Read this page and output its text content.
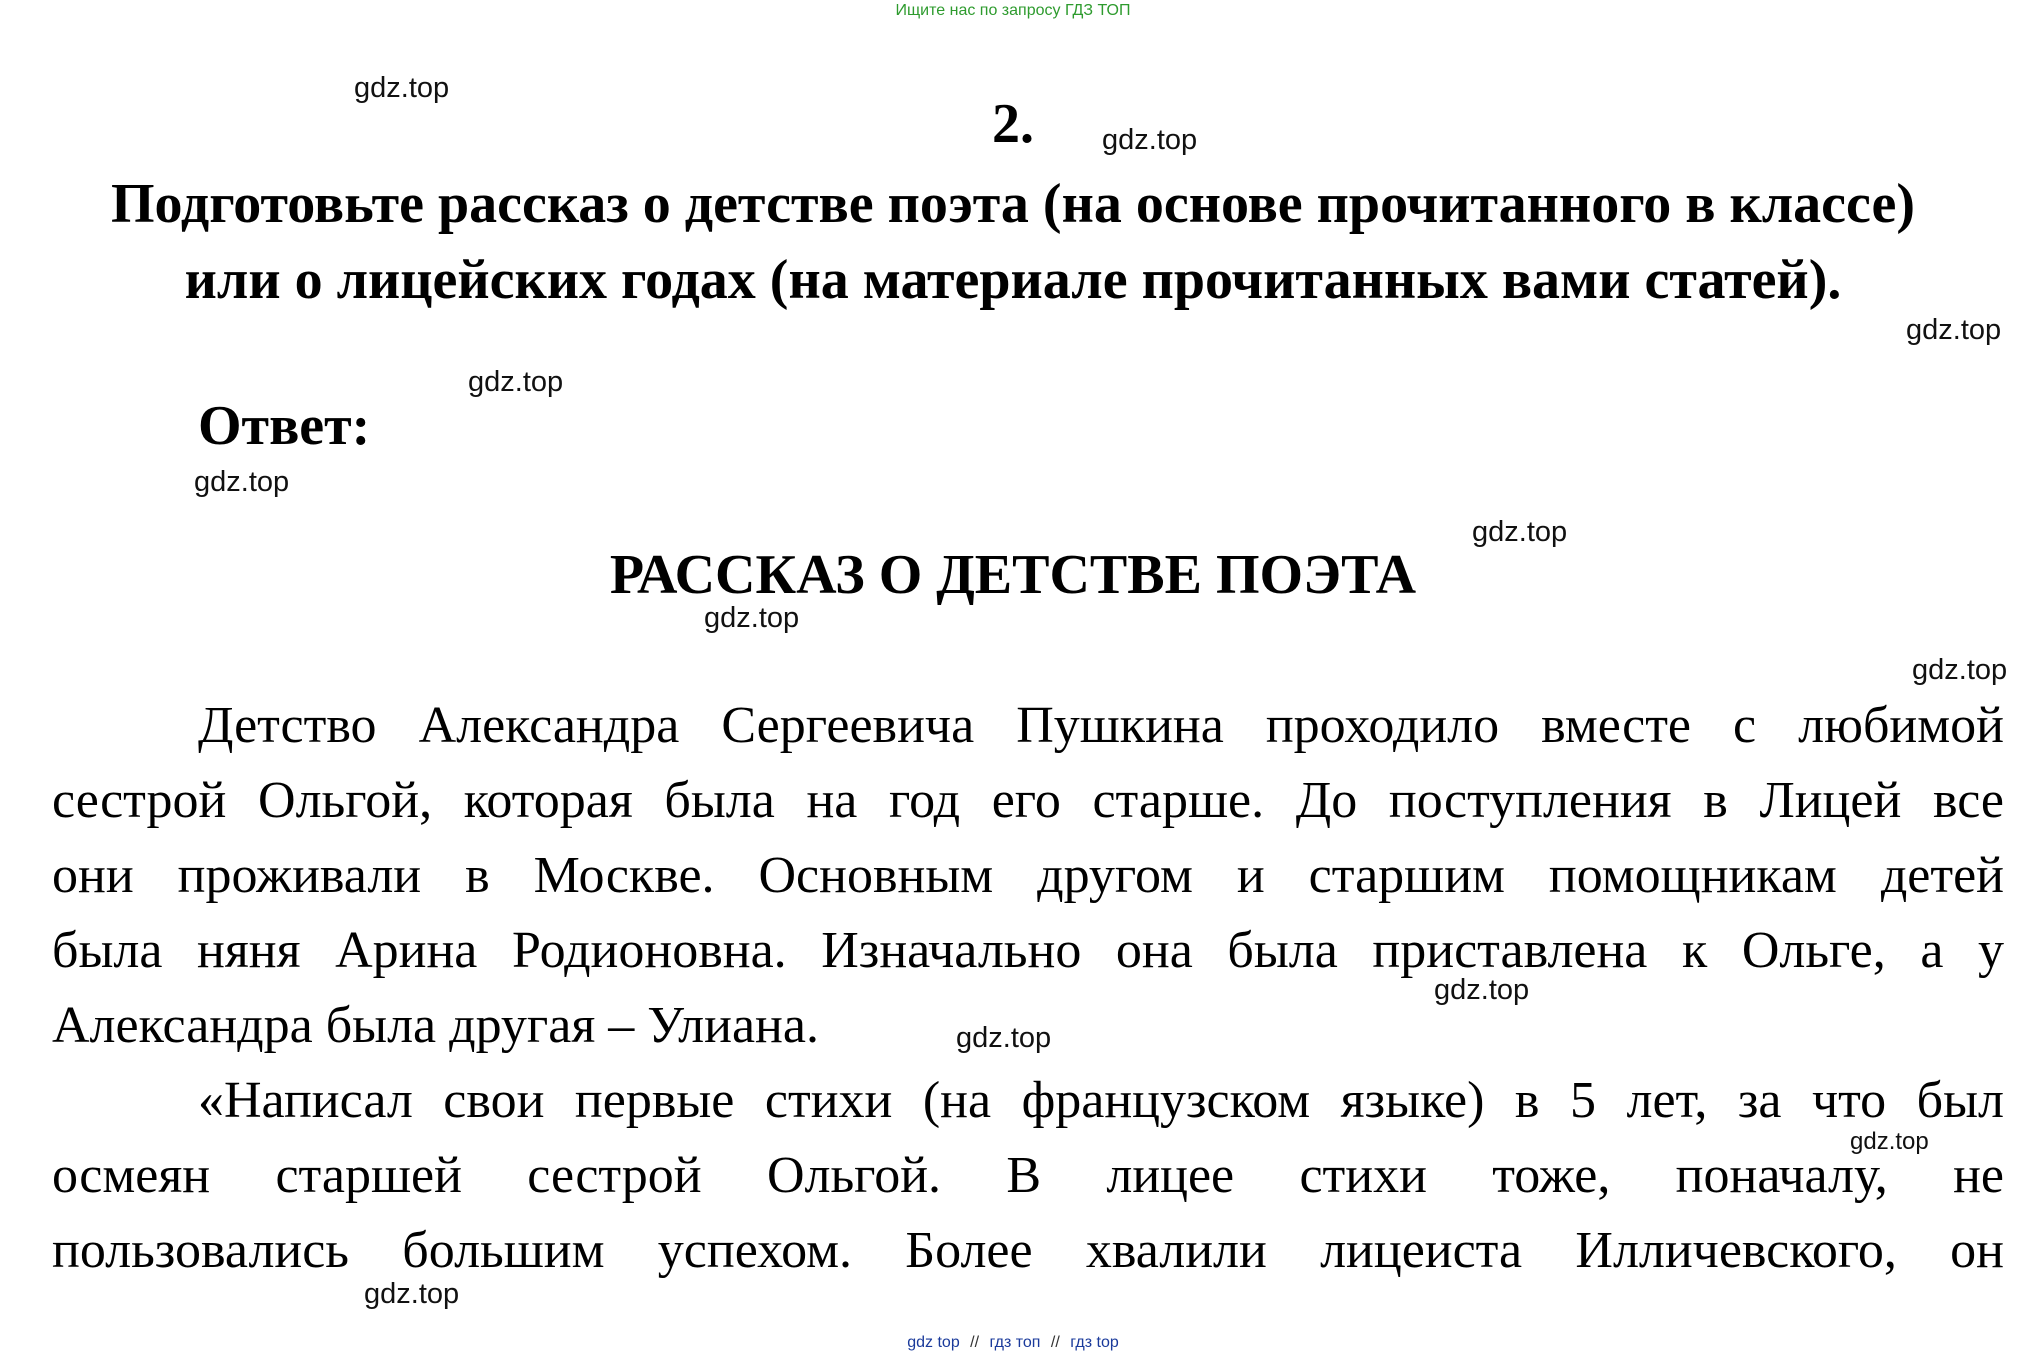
Ищите нас по запросу ГДЗ ТОП
gdz.top
gdz.top
gdz.top
gdz.top
gdz.top
gdz.top
gdz.top
gdz.top
gdz.top
gdz.top
gdz.top
gdz.top
2.
Подготовьте рассказ о детстве поэта (на основе прочитанного в классе)
или о лицейских годах (на материале прочитанных вами статей).
Ответ:
РАССКАЗ О ДЕТСТВЕ ПОЭТА
Детство Александра Сергеевича Пушкина проходило вместе с любимой
сестрой Ольгой, которая была на год его старше. До поступления в Лицей все
они проживали в Москве. Основным другом и старшим помощникам детей
была няня Арина Родионовна. Изначально она была приставлена к Ольге, а у
Александра была другая – Улиана.
«Написал свои первые стихи (на французском языке) в 5 лет, за что был
осмеян старшей сестрой Ольгой. В лицее стихи тоже, поначалу, не
пользовались большим успехом. Более хвалили лицеиста Илличевского, он
gdz top // гдз топ // гдз top
